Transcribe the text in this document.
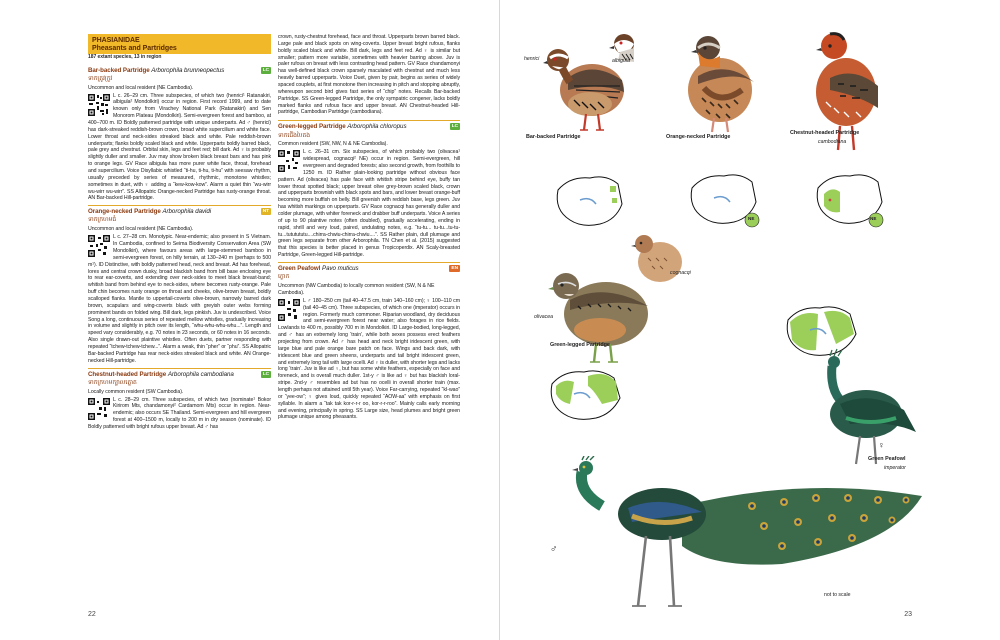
PHASIANIDAE
Pheasants and Partridges
187 extant species, 13 in region
Bar-backed Partridge Arborophila brunneopectus	LC
ទាកត្រូវក្រូវ
Uncommon and local resident (NE Cambodia).
L c. 26–29 cm. Three subspecies, of which two (henrici¹ Ratanakiri, albigula² Mondolkiri) occur in region. First record 1999, and to date known only from Virachey National Park (Ratanakiri) and Sen Monorom Plateau (Mondolkiri). Semi-evergreen forest and bamboo, at 400–700 m. ID Boldly patterned partridge with unique underparts. Ad ♂ (henrici) has dark-streaked reddish-brown crown, broad white supercilium and white face. Lower throat and neck-sides streaked black and white. Pale reddish-brown underparts; flanks boldly scaled black and white. Upperparts boldly barred black, pale grey and chestnut. Orbital skin, legs and feet red; bill dark. Ad ♀ is probably slightly duller and smaller. Juv may show broken black breast bars and has pink to orange legs. GV Race albigula has more purer white face, throat, forehead and supercilium. Voice Disyllabic whistled “ti-hu, ti-hu, ti-hu” with seesaw rhythm, usually preceded by series of measured, rhythmic, monotone whistles; sometimes in duet, with ♀ adding a “kew-kow-kow”. Alarm a quiet thin “wu-wirr wu-wirr wu-wirr”. SS Allopatric Orange-necked Partridge has rusty-orange throat. AN Bar-backed Hill-partridge.
Orange-necked Partridge Arborophila davidi	NT
ទាកក្រហមធំ
Uncommon and local resident (NE Cambodia).
L c. 27–28 cm. Monotypic. Near-endemic; also present in S Vietnam. In Cambodia, confined to Seima Biodiversity Conservation Area (SW Mondolkiri), where favours areas with large-stemmed bamboo in semi-evergreen forest, on hilly terrain, at 130–240 m (perhaps to 500 m¹). ID Distinctive, with boldly patterned head, neck and breast. Ad has forehead, lores and central crown dusky, broad blackish band from bill base enclosing eye to rear ear-coverts, and extending over neck-sides to meet black breast-band; whitish band from behind eye to neck-sides, where becomes rusty-orange. Pale buff chin becomes rusty orange on throat and cheeks, olive-brown breast, boldly scalloped flanks. Mantle to uppertail-coverts olive-brown, narrowly barred dark brown, scapulars and wing-coverts black with greyish outer webs forming prominent bands on folded wing. Bill dark, legs pinkish. Juv is undescribed. Voice Song a long, continuous series of repeated mellow whistles, gradually increasing in volume and slightly in pitch over its length, “whu-whu-whu-whu...”. Length and speed vary considerably, e.g. 70 notes in 23 seconds, or 60 notes in 16 seconds. Also single drawn-out plaintive whistles. Often duets, partner responding with repeated “tchew-tchew-tchew...”. Alarm a weak, thin “pher” or “phu”. SS Allopatric Bar-backed Partridge has rear neck-sides streaked black and white. AN Orange-necked Hill-partridge.
Chestnut-headed Partridge Arborophila cambodiana	LC
ទាកក្រហមក្បាលត្នោត
Locally common resident (SW Cambodia).
L c. 28–29 cm. Three subspecies, of which two (nominate¹ Bokor Kirirom Mts, chandamonyi² Cardamom Mts) occur in region. Near-endemic; also occurs SE Thailand. Semi-evergreen and hill evergreen forest at 400–1500 m, locally to 200 m in dry season (nominate). ID Boldly patterned with bright rufous upper breast. Ad ♂ has
crown, rusty-chestnut forehead, face and throat. Upperparts brown barred black. Large pale and black spots on wing-coverts. Upper breast bright rufous, flanks boldly scaled black and white. Bill dark, legs and feet red. Ad ♀ is similar but smaller; pattern more variable, sometimes with heavier barring above. Juv is paler rufous on breast with less contrasting head pattern. GV Race chandamonyi has well-defined black crown sparsely maculated with chestnut and much less heavily barred upperparts. Voice Duet, given by pair, begins as series of widely spaced couplets, at first monotone then increasing in pitch and stopping abruptly, whereupon second bird gives fast series of “chip” notes. Recalls Bar-backed Partridge. SS Green-legged Partridge, the only sympatric congener, lacks boldly marked flanks and rufous face and upper breast. AN Chestnut-headed Hill-partridge, Cambodian Partridge (cambodiana).
Green-legged Partridge Arborophila chloropus	LC
ទាកជើងបៃតង
Common resident (SW, NW, N & NE Cambodia).
L c. 26–31 cm. Six subspecies, of which probably two (olivacea¹ widespread, cognacqi² NE) occur in region. Semi-evergreen, hill evergreen and degraded forests; also second growth, from foothills to 1250 m. ID Rather plain-looking partridge without obvious face pattern. Ad (olivacea) has pale face with whitish stripe behind eye, buffy tan lower throat spotted black; upper breast olive grey-brown scaled black, crown and upperparts brownish with black spots and bars, and lower breast orange-buff becoming more buffish on belly. Bill greenish with reddish base, legs green. Juv has whitish markings on upperparts. GV Race cognacqi has generally duller and colder plumage, with whiter foreneck and drabber buff underparts. Voice A series of up to 90 plaintive notes (often doubled), gradually accelerating, ending in rapid, shrill and very loud, paired, undulating notes, e.g. “tu-tu... tu-tu...tu-tu-tu...tututututu....chirra-chwiu-chirra-chwiu....”. SS Rather plain, dull plumage and green legs separate from other Arborophila. TN Chen et al. (2015) suggested that this species is better placed in genus Tropicoperdix. AN Scaly-breasted Partridge, Green-legged Hill-partridge.
Green Peafowl Pavo muticus	EN
ក្ងោក
Uncommon (NW Cambodia) to locally common resident (SW, N & NE Cambodia).
L ♂ 180–250 cm (tail 40–47.5 cm, train 140–160 cm); ♀ 100–110 cm (tail 40–45 cm). Three subspecies, of which one (imperator) occurs in region. Formerly much commoner. Riparian woodland, dry deciduous and semi-evergreen forest near water; also forages in rice fields. Lowlands to 400 m, possibly 700 m in Mondolkiri. ID Large-bodied, long-legged, and ♂ has an extremely long ‘train’, while both sexes possess erect feathers projecting from crown. Ad ♂ has head and neck bright iridescent green, with large blue and pale orange bare patch on face. Wings and back dark, with iridescent blue and green sheens, underparts and tail bright iridescent green, and extremely long tail with large ocelli. Ad ♀ is duller, with shorter legs and lacks long ‘train’. Juv is like ad ♀, but has some white feathers, especially on face and foreneck, and is overall much duller. 1st-y ♂ is like ad ♀ but has blackish loral-stripe. 2nd-y ♂ resembles ad but has no ocelli in overall shorter train (max. length perhaps not attained until 5th year). Voice Far-carrying, repeated “kI-wao” or “yee-ow”; ♀ gives loud, quickly repeated “AOW-aa” with emphasis on first syllable. In alarm a “tak tak kor-r-r-r oo, kor-r-r-roo”. Mainly calls early morning and evening, principally in spring. SS Large size, head plumes and bright green plumage unique among pheasants.
22
henrici	albigula
Bar-backed Partridge	Orange-necked Partridge
Chestnut-headed Partridge
cambodiana
NE	NE
cognacqi
olivacea
Green-legged Partridge
♀
Green Peafowl
imperator
♂
not to scale
23
